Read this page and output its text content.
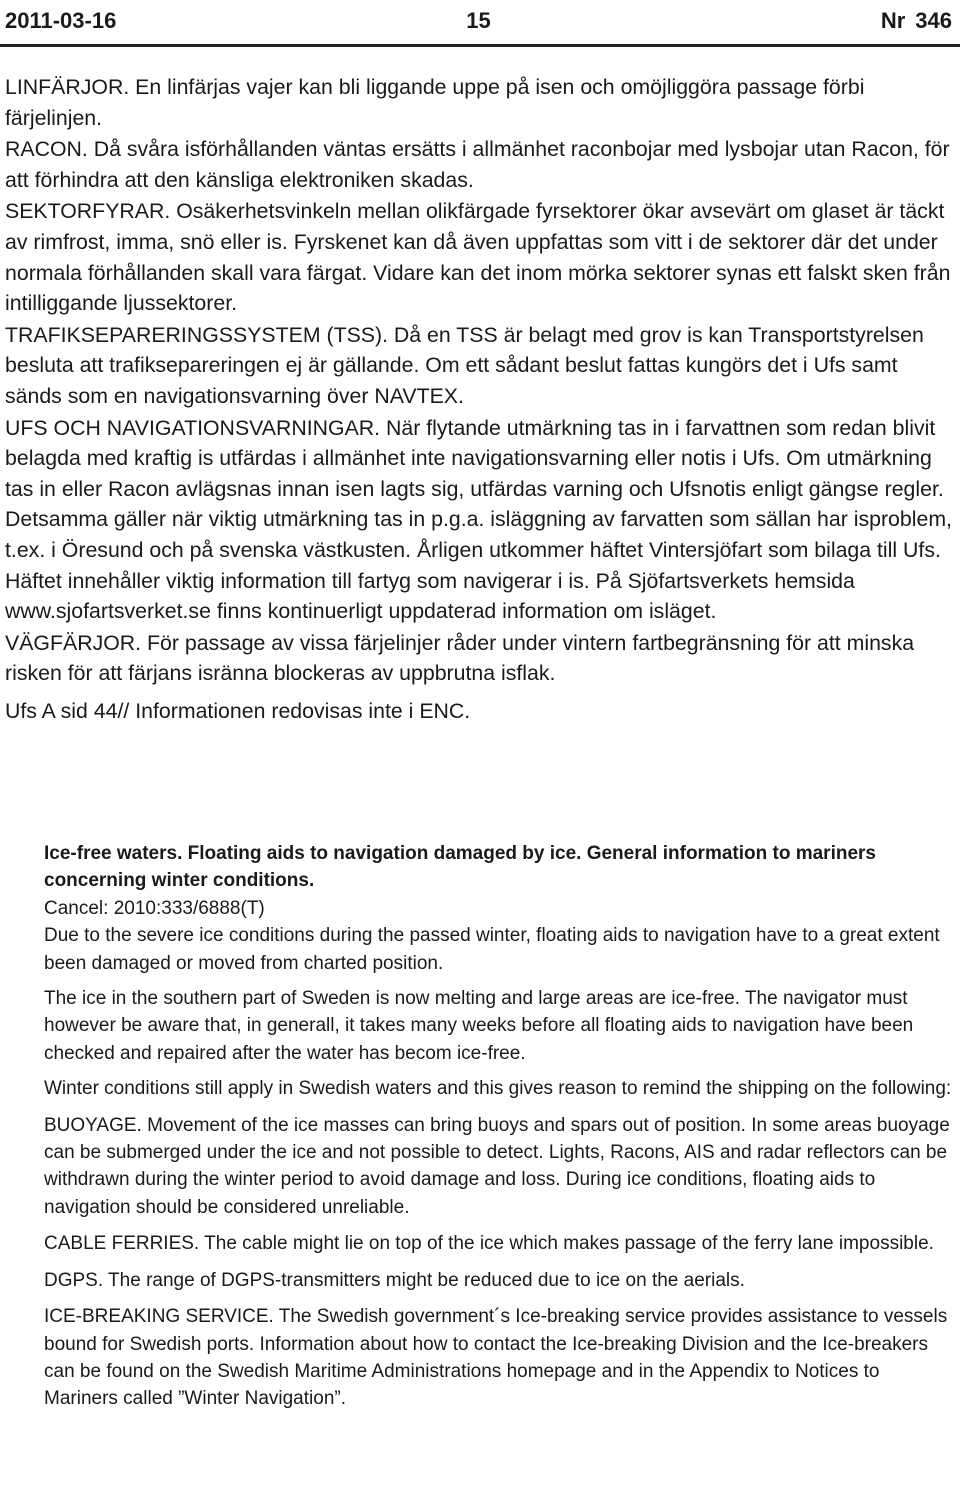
2011-03-16	15	Nr 346

LINFÄRJOR. En linfärjas vajer kan bli liggande uppe på isen och omöjliggöra passage förbi färjelinjen.

RACON. Då svåra isförhållanden väntas ersätts i allmänhet raconbojar med lysbojar utan Racon, för att förhindra att den känsliga elektroniken skadas.

SEKTORFYRAR. Osäkerhetsvinkeln mellan olikfärgade fyrsektorer ökar avsevärt om glaset är täckt av rimfrost, imma, snö eller is. Fyrskenet kan då även uppfattas som vitt i de sektorer där det under normala förhållanden skall vara färgat. Vidare kan det inom mörka sektorer synas ett falskt sken från intilliggande ljussektorer.

TRAFIKSEPARERINGSSYSTEM (TSS). Då en TSS är belagt med grov is kan Transportstyrelsen besluta att trafiksepareringen ej är gällande. Om ett sådant beslut fattas kungörs det i Ufs samt sänds som en navigationsvarning över NAVTEX.

UFS OCH NAVIGATIONSVARNINGAR. När flytande utmärkning tas in i farvattnen som redan blivit belagda med kraftig is utfärdas i allmänhet inte navigationsvarning eller notis i Ufs. Om utmärkning tas in eller Racon avlägsnas innan isen lagts sig, utfärdas varning och Ufsnotis enligt gängse regler. Detsamma gäller när viktig utmärkning tas in p.g.a. isläggning av farvatten som sällan har isproblem, t.ex. i Öresund och på svenska västkusten. Årligen utkommer häftet Vintersjöfart som bilaga till Ufs. Häftet innehåller viktig information till fartyg som navigerar i is. På Sjöfartsverkets hemsida www.sjofartsverket.se finns kontinuerligt uppdaterad information om isläget.

VÄGFÄRJOR. För passage av vissa färjelinjer råder under vintern fartbegränsning för att minska risken för att färjans isränna blockeras av uppbrutna isflak.

Ufs A sid 44// Informationen redovisas inte i ENC.

Ice-free waters. Floating aids to navigation damaged by ice. General information to mariners concerning winter conditions.

Cancel: 2010:333/6888(T)

Due to the severe ice conditions during the passed winter, floating aids to navigation have to a great extent been damaged or moved from charted position.

The ice in the southern part of Sweden is now melting and large areas are ice-free. The navigator must however be aware that, in generall, it takes many weeks before all floating aids to navigation have been checked and repaired after the water has becom ice-free.

Winter conditions still apply in Swedish waters and this gives reason to remind the shipping on the following:

BUOYAGE. Movement of the ice masses can bring buoys and spars out of position. In some areas buoyage can be submerged under the ice and not possible to detect. Lights, Racons, AIS and radar reflectors can be withdrawn during the winter period to avoid damage and loss. During ice conditions, floating aids to navigation should be considered unreliable.

CABLE FERRIES. The cable might lie on top of the ice which makes passage of the ferry lane impossible.

DGPS. The range of DGPS-transmitters might be reduced due to ice on the aerials.

ICE-BREAKING SERVICE. The Swedish government´s Ice-breaking service provides assistance to vessels bound for Swedish ports. Information about how to contact the Ice-breaking Division and the Ice-breakers can be found on the Swedish Maritime Administrations homepage and in the Appendix to Notices to Mariners called ”Winter Navigation”.
